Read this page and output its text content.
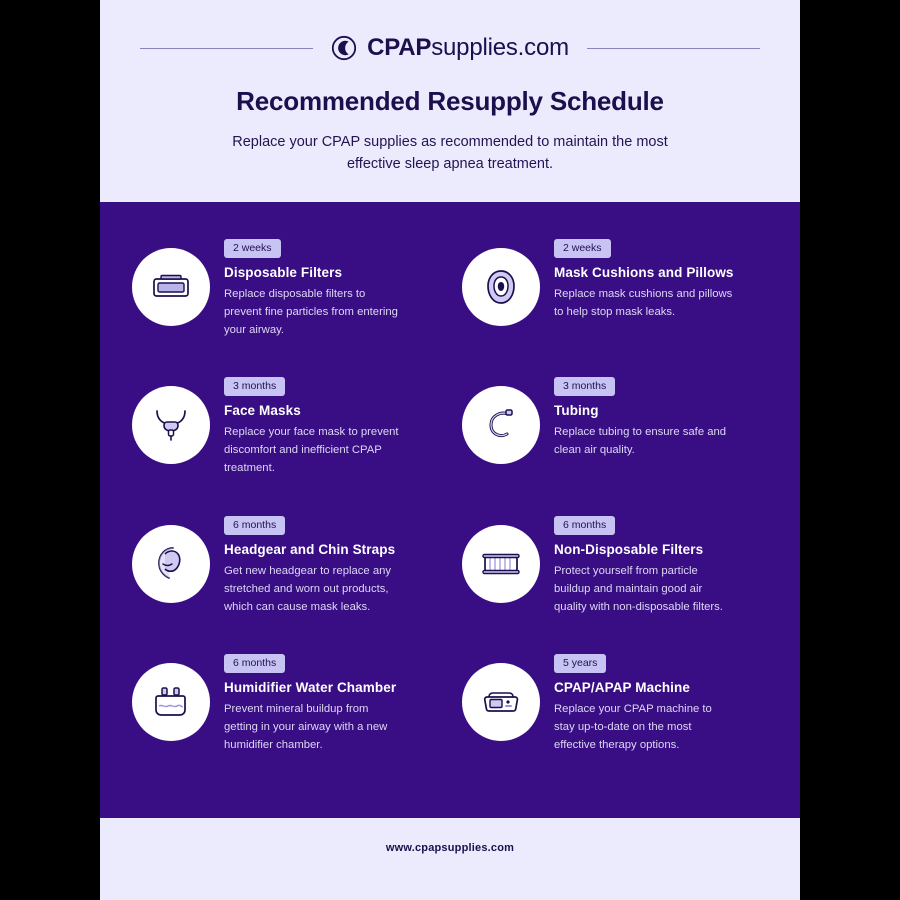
CPAPsupplies.com
Recommended Resupply Schedule

Replace your CPAP supplies as recommended to maintain the most effective sleep apnea treatment.

2 weeks

Disposable Filters

Replace disposable filters to prevent fine particles from entering your airway.

2 weeks

Mask Cushions and Pillows

Replace mask cushions and pillows to help stop mask leaks.

3 months

Face Masks

Replace your face mask to prevent discomfort and inefficient CPAP treatment.

3 months

Tubing

Replace tubing to ensure safe and clean air quality.

6 months

Headgear and Chin Straps

Get new headgear to replace any stretched and worn out products, which can cause mask leaks.

6 months

Non-Disposable Filters

Protect yourself from particle buildup and maintain good air quality with non-disposable filters.

6 months

Humidifier Water Chamber

Prevent mineral buildup from getting in your airway with a new humidifier chamber.

5 years

CPAP/APAP Machine

Replace your CPAP machine to stay up-to-date on the most effective therapy options.

www.cpapsupplies.com
